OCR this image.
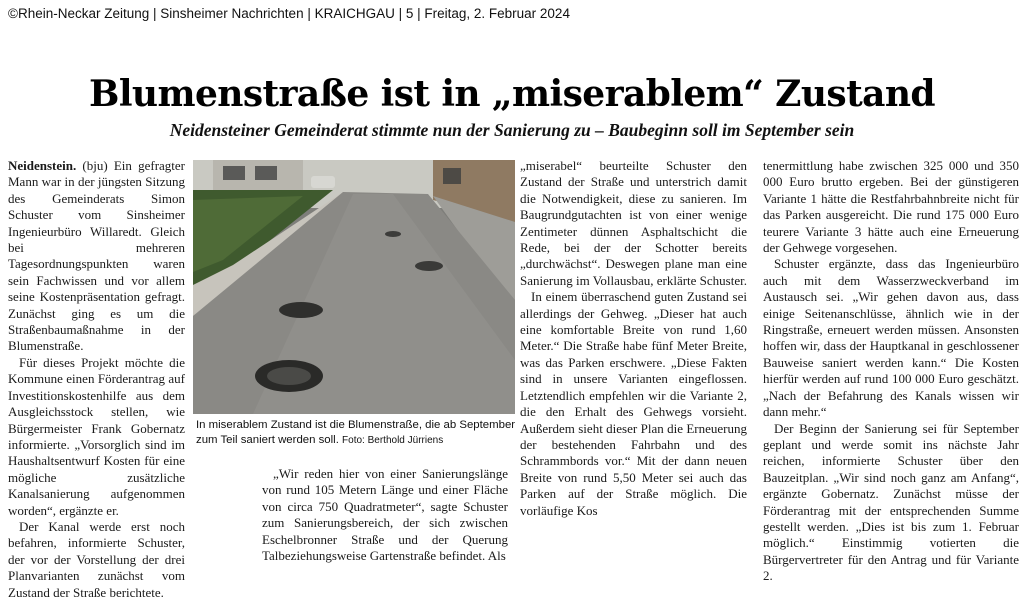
©Rhein-Neckar Zeitung | Sinsheimer Nachrichten | KRAICHGAU | 5 | Freitag, 2. Februar 2024
Blumenstraße ist in „miserablem“ Zustand
Neidensteiner Gemeinderat stimmte nun der Sanierung zu – Baubeginn soll im September sein

Neidenstein. (bju) Ein gefragter Mann war in der jüngsten Sitzung des Gemeinderats Simon Schuster vom Sinsheimer Ingenieurbüro Willaredt. Gleich bei mehreren Tagesordnungspunkten waren sein Fachwissen und vor allem seine Kostenpräsentation gefragt. Zunächst ging es um die Straßenbaumaßnahme in der Blumenstraße.

Für dieses Projekt möchte die Kommune einen Förderantrag auf Investitionskostenhilfe aus dem Ausgleichsstock stellen, wie Bürgermeister Frank Gobernatz informierte. „Vorsorglich sind im Haushaltsentwurf Kosten für eine mögliche zusätzliche Kanalsanierung aufgenommen worden“, ergänzte er.

Der Kanal werde erst noch befahren, informierte Schuster, der vor der Vorstellung der drei Planvarianten zunächst vom Zustand der Straße berichtete.

In miserablem Zustand ist die Blumenstraße, die ab September zum Teil saniert werden soll. Foto: Berthold Jürriens

„Wir reden hier von einer Sanierungslänge von rund 105 Metern Länge und einer Fläche von circa 750 Quadratmeter“, sagte Schuster zum Sanierungsbereich, der sich zwischen Eschelbronner Straße und der Querung Talbeziehungsweise Gartenstraße befindet. Als

„miserabel“ beurteilte Schuster den Zustand der Straße und unterstrich damit die Notwendigkeit, diese zu sanieren. Im Baugrundgutachten ist von einer wenige Zentimeter dünnen Asphaltschicht die Rede, bei der der Schotter bereits „durchwächst“. Deswegen plane man eine Sanierung im Vollausbau, erklärte Schuster.

In einem überraschend guten Zustand sei allerdings der Gehweg. „Dieser hat auch eine komfortable Breite von rund 1,60 Meter.“ Die Straße habe fünf Meter Breite, was das Parken erschwere. „Diese Fakten sind in unsere Varianten eingeflossen. Letztendlich empfehlen wir die Variante 2, die den Erhalt des Gehwegs vorsieht. Außerdem sieht dieser Plan die Erneuerung der bestehenden Fahrbahn und des Schrammbords vor.“ Mit der dann neuen Breite von rund 5,50 Meter sei auch das Parken auf der Straße möglich. Die vorläufige Kos

tenermittlung habe zwischen 325 000 und 350 000 Euro brutto ergeben. Bei der günstigeren Variante 1 hätte die Restfahrbahnbreite nicht für das Parken ausgereicht. Die rund 175 000 Euro teurere Variante 3 hätte auch eine Erneuerung der Gehwege vorgesehen.

Schuster ergänzte, dass das Ingenieurbüro auch mit dem Wasserzweckverband im Austausch sei. „Wir gehen davon aus, dass einige Seitenanschlüsse, ähnlich wie in der Ringstraße, erneuert werden müssen. Ansonsten hoffen wir, dass der Hauptkanal in geschlossener Bauweise saniert werden kann.“ Die Kosten hierfür werden auf rund 100 000 Euro geschätzt. „Nach der Befahrung des Kanals wissen wir dann mehr.“

Der Beginn der Sanierung sei für September geplant und werde somit ins nächste Jahr reichen, informierte Schuster über den Bauzeitplan. „Wir sind noch ganz am Anfang“, ergänzte Gobernatz. Zunächst müsse der Förderantrag mit der entsprechenden Summe gestellt werden. „Dies ist bis zum 1. Februar möglich.“ Einstimmig votierten die Bürgervertreter für den Antrag und für Variante 2.
